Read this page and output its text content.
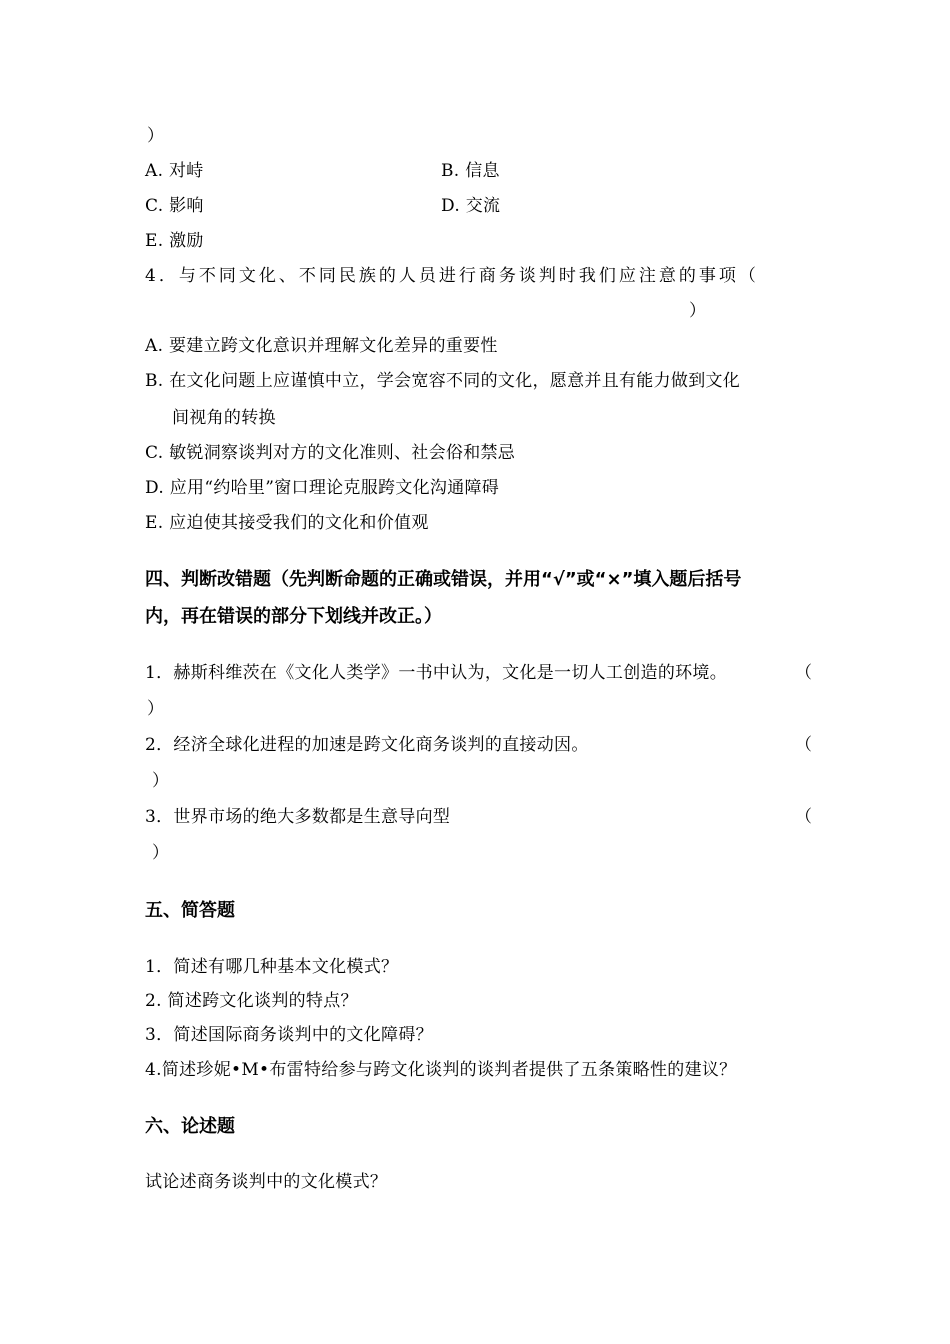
）
A. 对峙	B. 信息
C. 影响	D. 交流
E. 激励
4．与不同文化、不同民族的人员进行商务谈判时我们应注意的事项（
）
A. 要建立跨文化意识并理解文化差异的重要性
B. 在文化问题上应谨慎中立，学会宽容不同的文化，愿意并且有能力做到文化
间视角的转换
C. 敏锐洞察谈判对方的文化准则、社会俗和禁忌
D. 应用“约哈里”窗口理论克服跨文化沟通障碍
E. 应迫使其接受我们的文化和价值观
四、判断改错题（先判断命题的正确或错误，并用“√”或“×”填入题后括号
内，再在错误的部分下划线并改正。）
1．赫斯科维茨在《文化人类学》一书中认为，文化是一切人工创造的环境。	（
）
2．经济全球化进程的加速是跨文化商务谈判的直接动因。	（
）
3．世界市场的绝大多数都是生意导向型	（
）
五、简答题
1．简述有哪几种基本文化模式？
2. 简述跨文化谈判的特点？
3．简述国际商务谈判中的文化障碍？
4.简述珍妮•M•布雷特给参与跨文化谈判的谈判者提供了五条策略性的建议？
六、论述题
试论述商务谈判中的文化模式？
